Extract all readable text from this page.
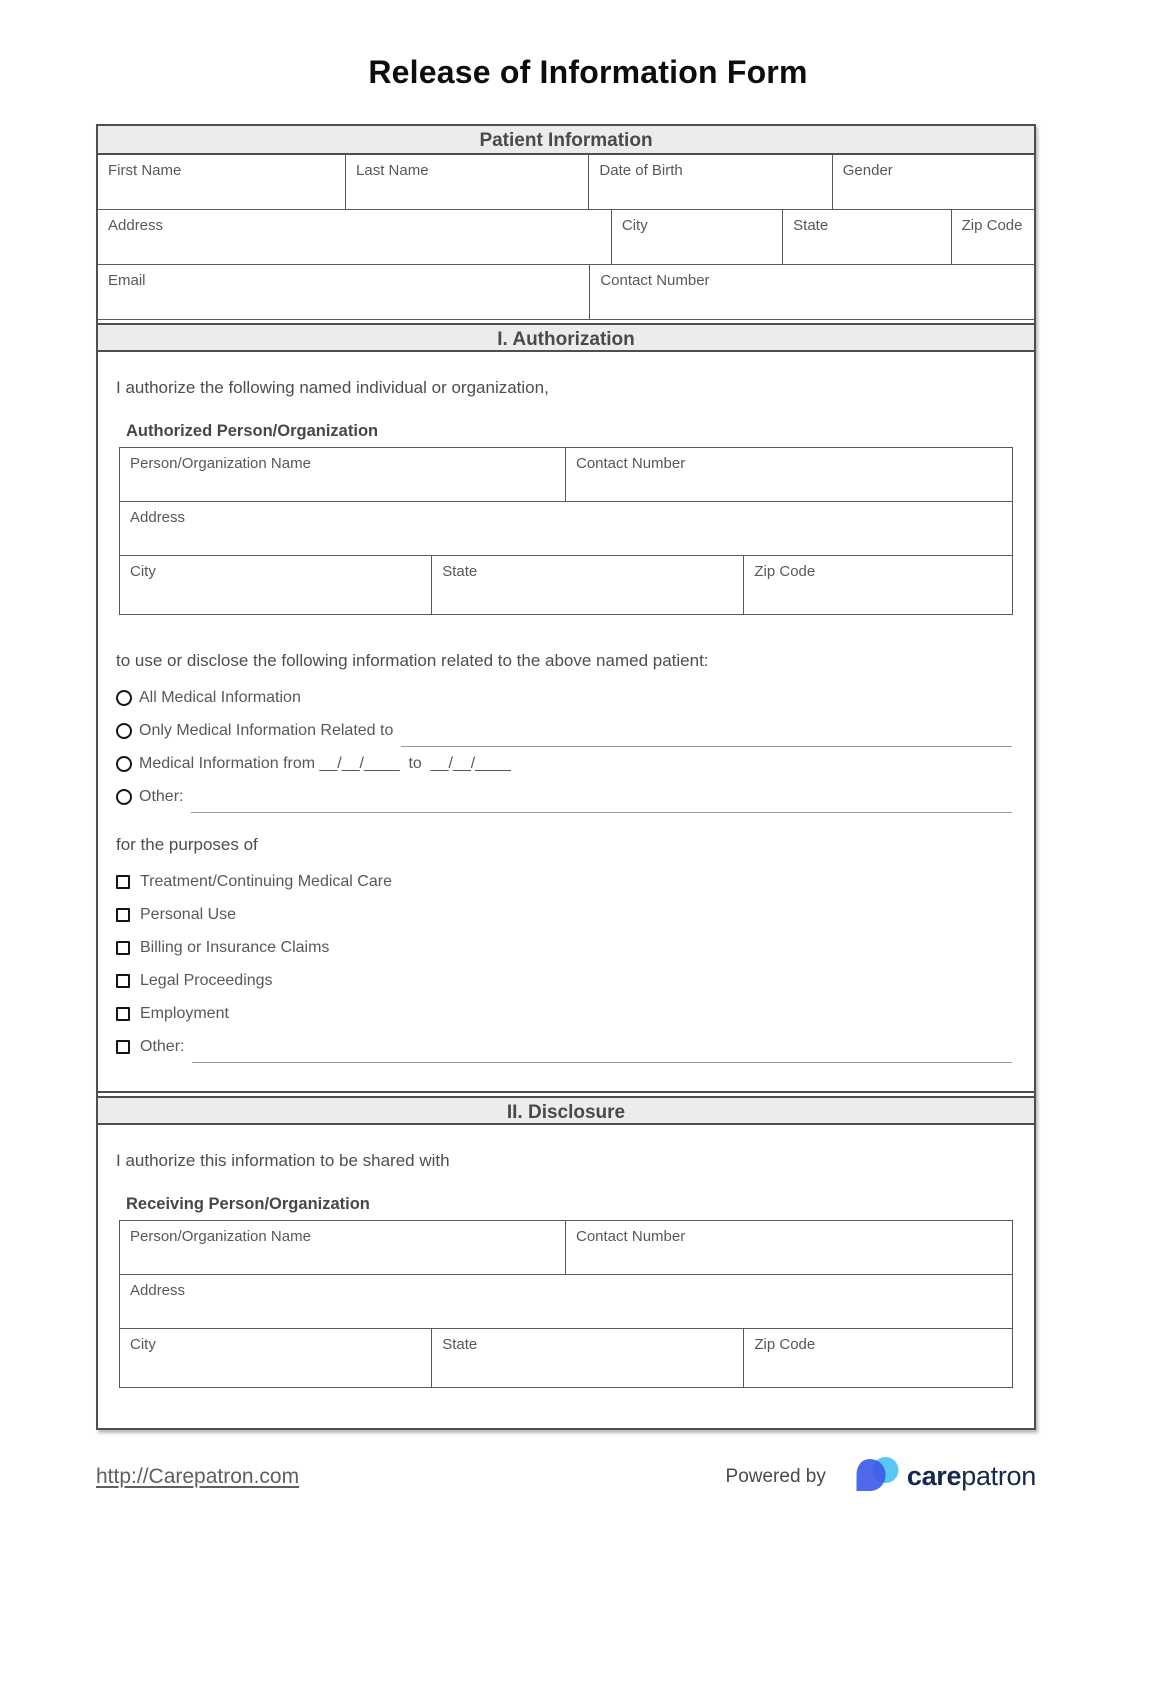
Release of Information Form
Patient Information
First Name	Last Name	Date of Birth	Gender
Address	City	State	Zip Code
Email	Contact Number
I. Authorization

I authorize the following named individual or organization,

Authorized Person/Organization
Person/Organization Name	Contact Number
Address
City	State	Zip Code

to use or disclose the following information related to the above named patient:

All Medical Information
Only Medical Information Related to
Medical Information from __/__/____  to  __/__/____
Other:

for the purposes of

Treatment/Continuing Medical Care
Personal Use
Billing or Insurance Claims
Legal Proceedings
Employment
Other:
II. Disclosure

I authorize this information to be shared with

Receiving Person/Organization
Person/Organization Name	Contact Number
Address
City	State	Zip Code
http://Carepatron.com	Powered by	carepatron
